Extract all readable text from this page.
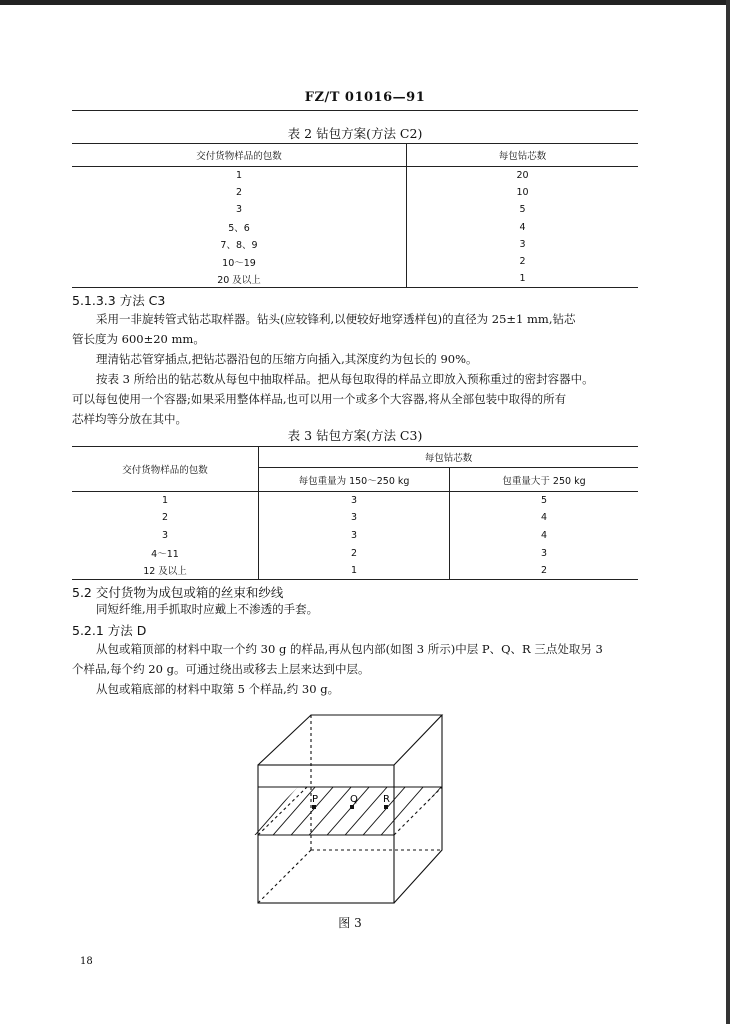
FZ/T 01016—91
表 2 钻包方案(方法 C2)
交付货物样品的包数	每包钻芯数
1	20
2	10
3	5
5、6	4
7、8、9	3
10～19	2
20 及以上	1
5.1.3.3 方法 C3
采用一非旋转管式钻芯取样器。钻头(应较锋利,以便较好地穿透样包)的直径为 25±1 mm,钻芯
管长度为 600±20 mm。
理清钻芯管穿插点,把钻芯器沿包的压缩方向插入,其深度约为包长的 90%。
按表 3 所给出的钻芯数从每包中抽取样品。把从每包取得的样品立即放入预称重过的密封容器中。
可以每包使用一个容器;如果采用整体样品,也可以用一个或多个大容器,将从全部包装中取得的所有
芯样均等分放在其中。
表 3 钻包方案(方法 C3)
交付货物样品的包数	每包钻芯数	
	每包重量为 150～250 kg	包重量大于 250 kg
1	3	5
2	3	4
3	3	4
4～11	2	3
12 及以上	1	2
5.2 交付货物为成包或箱的丝束和纱线
同短纤维,用手抓取时应戴上不渗透的手套。
5.2.1 方法 D
从包或箱顶部的材料中取一个约 30 g 的样品,再从包内部(如图 3 所示)中层 P、Q、R 三点处取另 3
个样品,每个约 20 g。可通过绕出或移去上层来达到中层。
从包或箱底部的材料中取第 5 个样品,约 30 g。
P	Q	R
图 3
18
